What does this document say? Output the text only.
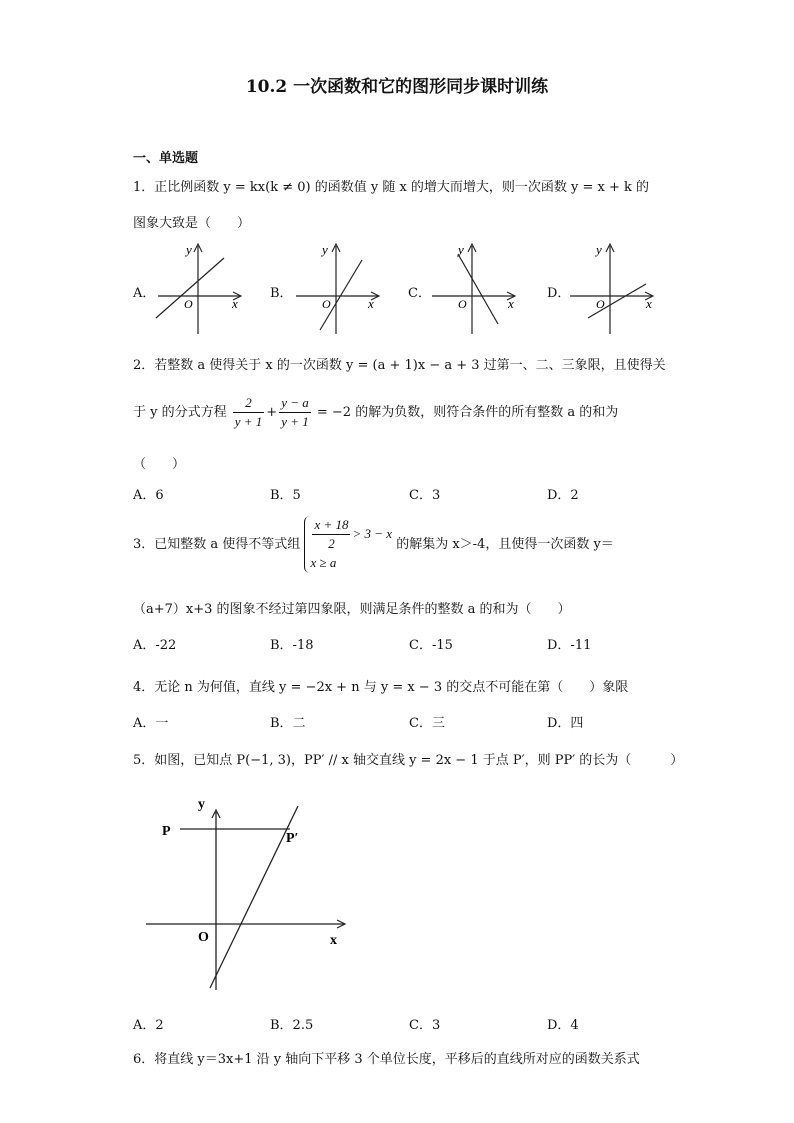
10.2 一次函数和它的图形同步课时训练
一、单选题
1．正比例函数 y = kx(k ≠ 0) 的函数值 y 随 x 的增大而增大，则一次函数 y = x + k 的
图象大致是（　　）
A．
y
x
O
B．
y
x
O
C．
y
x
O
D．
y
x
O
2．若整数 a 使得关于 x 的一次函数 y = (a + 1)x − a + 3 过第一、二、三象限，且使得关
于 y 的分式方程 $\frac{2}{y + 1} + \frac{y - a}{y + 1} = -2$ 的解为负数，则符合条件的所有整数 a 的和为
（　　）
A．6	B．5	C．3	D．2
3．已知整数 a 使得不等式组 $\frac{x + 18}{2} > 3 - x$
x ≥ a
的解集为 x＞-4，且使得一次函数 y＝
（a+7）x+3 的图象不经过第四象限，则满足条件的整数 a 的和为（　　）
A．-22	B．-18	C．-15	D．-11
4．无论 n 为何值，直线 y = −2x + n 与 y = x − 3 的交点不可能在第（　　）象限
A．一	B．二	C．三	D．四
5．如图，已知点 P(−1, 3)，PP′ // x 轴交直线 y = 2x − 1 于点 P′，则 PP′ 的长为（　　　）
y
x
O
P	P′
A．2	B．2.5	C．3	D．4
6．将直线 y＝3x+1 沿 y 轴向下平移 3 个单位长度，平移后的直线所对应的函数关系式
